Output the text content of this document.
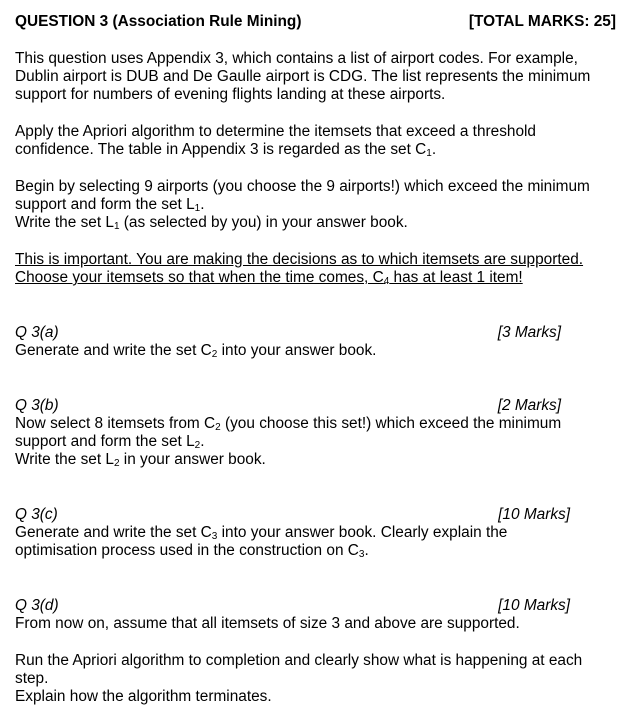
QUESTION 3 (Association Rule Mining)	[TOTAL MARKS: 25]

This question uses Appendix 3, which contains a list of airport codes. For example, Dublin airport is DUB and De Gaulle airport is CDG. The list represents the minimum support for numbers of evening flights landing at these airports.

Apply the Apriori algorithm to determine the itemsets that exceed a threshold confidence. The table in Appendix 3 is regarded as the set $C_1$.

Begin by selecting 9 airports (you choose the 9 airports!) which exceed the minimum support and form the set $L_1$.

Write the set $L_1$ (as selected by you) in your answer book.

This is important. You are making the decisions as to which itemsets are supported. Choose your itemsets so that when the time comes, $C_4$ has at least 1 item!

Q 3(a)	[3 Marks]

Generate and write the set $C_2$ into your answer book.

Q 3(b)	[2 Marks]

Now select 8 itemsets from $C_2$ (you choose this set!) which exceed the minimum support and form the set $L_2$.

Write the set $L_2$ in your answer book.

Q 3(c)	[10 Marks]

Generate and write the set $C_3$ into your answer book. Clearly explain the optimisation process used in the construction on $C_3$.

Q 3(d)	[10 Marks]

From now on, assume that all itemsets of size 3 and above are supported.

Run the Apriori algorithm to completion and clearly show what is happening at each step.

Explain how the algorithm terminates.
